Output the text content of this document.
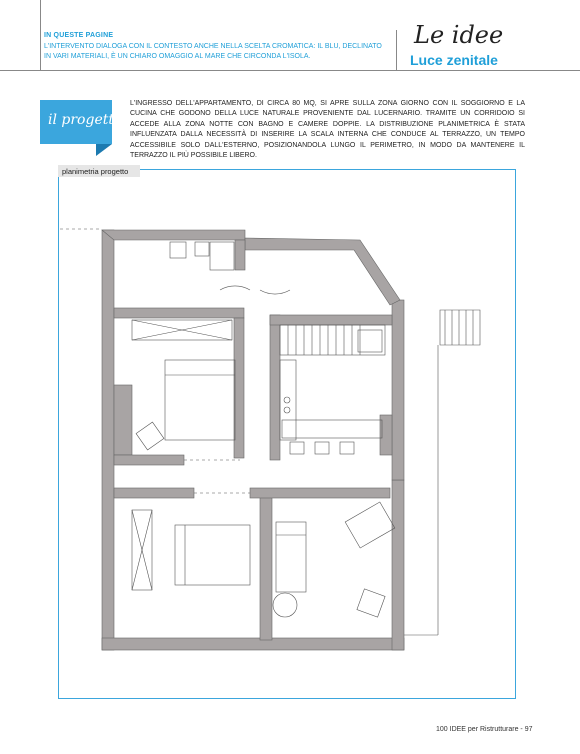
IN QUESTE PAGINE
L'INTERVENTO DIALOGA CON IL CONTESTO ANCHE NELLA SCELTA CROMATICA: IL BLU, DECLINATO IN VARI MATERIALI, È UN CHIARO OMAGGIO AL MARE CHE CIRCONDA L'ISOLA.
Le idee
Luce zenitale
il progetto
L'INGRESSO DELL'APPARTAMENTO, DI CIRCA 80 MQ, SI APRE SULLA ZONA GIORNO CON IL SOGGIORNO E LA CUCINA CHE GODONO DELLA LUCE NATURALE PROVENIENTE DAL LUCERNARIO. TRAMITE UN CORRIDOIO SI ACCEDE ALLA ZONA NOTTE CON BAGNO E CAMERE DOPPIE. LA DISTRIBUZIONE PLANIMETRICA È STATA INFLUENZATA DALLA NECESSITÀ DI INSERIRE LA SCALA INTERNA CHE CONDUCE AL TERRAZZO, UN TEMPO ACCESSIBILE SOLO DALL'ESTERNO, POSIZIONANDOLA LUNGO IL PERIMETRO, IN MODO DA MANTENERE IL TERRAZZO IL PIÙ POSSIBILE LIBERO.
planimetria progetto
100 IDEE per Ristrutturare - 97
